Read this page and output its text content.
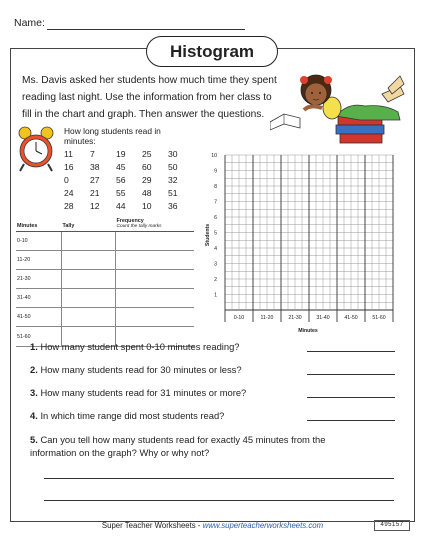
Name:
Histogram
Ms. Davis asked her students how much time they spent reading last night. Use the information from her class to fill in the chart and graph. Then answer the questions.
How long students read in minutes:
11	7	19	25	30
16	38	45	60	50
0	27	56	29	32
24	21	55	48	51
28	12	44	10	36
Minutes	Tally	Frequency
Count the tally marks

0-10		
11-20		
21-30		
31-40		
41-50		
51-60		
1
2
3
4
5
6
7
8
9
10
0-10	11-20	21-30	31-40	41-50	51-60
Students
Minutes
1. How many student spent 0-10 minutes reading?
2. How many students read for 30 minutes or less?
3. How many students read for 31 minutes or more?
4. In which time range did most students read?
5. Can you tell how many students read for exactly 45 minutes from the information on the graph? Why or why not?
Super Teacher Worksheets - www.superteacherworksheets.com	495157
